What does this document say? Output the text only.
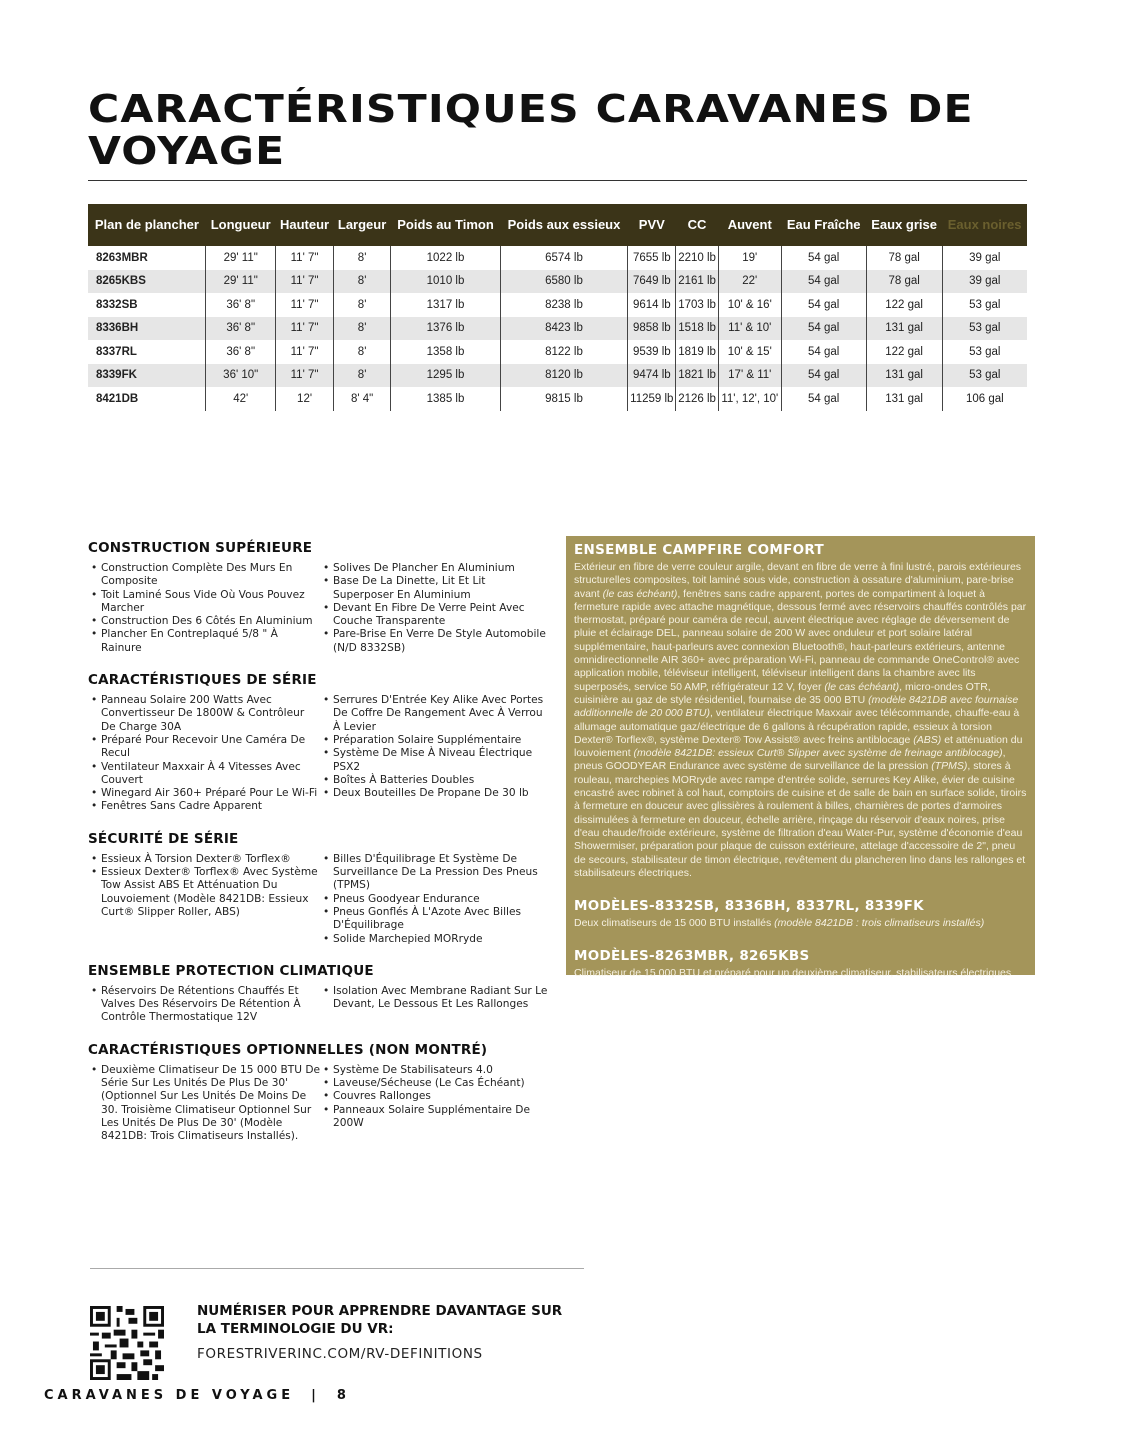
CARACTÉRISTIQUES CARAVANES DE VOYAGE
Plan de plancher	Longueur	Hauteur	Largeur	Poids au Timon	Poids aux essieux	PVV	CC	Auvent	Eau Fraîche	Eaux grise	Eaux noires
8263MBR	29' 11"	11' 7"	8'	1022 lb	6574 lb	7655 lb	2210 lb	19'	54 gal	78 gal	39 gal
8265KBS	29' 11"	11' 7"	8'	1010 lb	6580 lb	7649 lb	2161 lb	22'	54 gal	78 gal	39 gal
8332SB	36' 8"	11' 7"	8'	1317 lb	8238 lb	9614 lb	1703 lb	10' & 16'	54 gal	122 gal	53 gal
8336BH	36' 8"	11' 7"	8'	1376 lb	8423 lb	9858 lb	1518 lb	11' & 10'	54 gal	131 gal	53 gal
8337RL	36' 8"	11' 7"	8'	1358 lb	8122 lb	9539 lb	1819 lb	10' & 15'	54 gal	122 gal	53 gal
8339FK	36' 10"	11' 7"	8'	1295 lb	8120 lb	9474 lb	1821 lb	17' & 11'	54 gal	131 gal	53 gal
8421DB	42'	12'	8' 4"	1385 lb	9815 lb	11259 lb	2126 lb	11', 12', 10'	54 gal	131 gal	106 gal
CONSTRUCTION SUPÉRIEURE
• Construction Complète Des Murs En Composite
• Toit Laminé Sous Vide Où Vous Pouvez Marcher
• Construction Des 6 Côtés En Aluminium
• Plancher En Contreplaqué 5/8 " À Rainure
• Solives De Plancher En Aluminium
• Base De La Dinette, Lit Et Lit Superposer En Aluminium
• Devant En Fibre De Verre Peint Avec Couche Transparente
• Pare-Brise En Verre De Style Automobile (N/D 8332SB)
CARACTÉRISTIQUES DE SÉRIE
• Panneau Solaire 200 Watts Avec Convertisseur De 1800W & Contrôleur De Charge 30A
• Préparé Pour Recevoir Une Caméra De Recul
• Ventilateur Maxxair À 4 Vitesses Avec Couvert
• Winegard Air 360+ Préparé Pour Le Wi-Fi
• Fenêtres Sans Cadre Apparent
• Serrures D'Entrée Key Alike Avec Portes De Coffre De Rangement Avec À Verrou À Levier
• Préparation Solaire Supplémentaire
• Système De Mise À Niveau Électrique PSX2
• Boîtes À Batteries Doubles
• Deux Bouteilles De Propane De 30 lb
SÉCURITÉ DE SÉRIE
• Essieux À Torsion Dexter® Torflex®
• Essieux Dexter® Torflex® Avec Système Tow Assist ABS Et Atténuation Du Louvoiement (Modèle 8421DB: Essieux Curt® Slipper Roller, ABS)
• Billes D'Équilibrage Et Système De Surveillance De La Pression Des Pneus (TPMS)
• Pneus Goodyear Endurance
• Pneus Gonflés À L'Azote Avec Billes D'Équilibrage
• Solide Marchepied MORryde
ENSEMBLE PROTECTION CLIMATIQUE
• Réservoirs De Rétentions Chauffés Et Valves Des Réservoirs De Rétention À Contrôle Thermostatique 12V
• Isolation Avec Membrane Radiant Sur Le Devant, Le Dessous Et Les Rallonges
CARACTÉRISTIQUES OPTIONNELLES (NON MONTRÉ)
• Deuxième Climatiseur De 15 000 BTU De Série Sur Les Unités De Plus De 30' (Optionnel Sur Les Unités De Moins De 30. Troisième Climatiseur Optionnel Sur Les Unités De Plus De 30' (Modèle 8421DB: Trois Climatiseurs Installés).
• Système De Stabilisateurs 4.0
• Laveuse/Sécheuse (Le Cas Échéant)
• Couvres Rallonges
• Panneaux Solaire Supplémentaire De 200W
ENSEMBLE CAMPFIRE COMFORT

Extérieur en fibre de verre couleur argile, devant en fibre de verre à fini lustré, parois extérieures structurelles composites, toit laminé sous vide, construction à ossature d'aluminium, pare-brise avant (le cas échéant), fenêtres sans cadre apparent, portes de compartiment à loquet à fermeture rapide avec attache magnétique, dessous fermé avec réservoirs chauffés contrôlés par thermostat, préparé pour caméra de recul, auvent électrique avec réglage de déversement de pluie et éclairage DEL, panneau solaire de 200 W avec onduleur et port solaire latéral supplémentaire, haut-parleurs avec connexion Bluetooth®, haut-parleurs extérieurs, antenne omnidirectionnelle AIR 360+ avec préparation Wi-Fi, panneau de commande OneControl® avec application mobile, téléviseur intelligent, téléviseur intelligent dans la chambre avec lits superposés, service 50 AMP, réfrigérateur 12 V, foyer (le cas échéant), micro-ondes OTR, cuisinière au gaz de style résidentiel, fournaise de 35 000 BTU (modèle 8421DB avec fournaise additionnelle de 20 000 BTU), ventilateur électrique Maxxair avec télécommande, chauffe-eau à allumage automatique gaz/électrique de 6 gallons à récupération rapide, essieux à torsion Dexter® Torflex®, système Dexter® Tow Assist® avec freins antiblocage (ABS) et atténuation du louvoiement (modèle 8421DB: essieux Curt® Slipper avec système de freinage antiblocage), pneus GOODYEAR Endurance avec système de surveillance de la pression (TPMS), stores à rouleau, marchepies MORryde avec rampe d'entrée solide, serrures Key Alike, évier de cuisine encastré avec robinet à col haut, comptoirs de cuisine et de salle de bain en surface solide, tiroirs à fermeture en douceur avec glissières à roulement à billes, charnières de portes d'armoires dissimulées à fermeture en douceur, échelle arrière, rinçage du réservoir d'eaux noires, prise d'eau chaude/froide extérieure, système de filtration d'eau Water-Pur, système d'économie d'eau Showermiser, préparation pour plaque de cuisson extérieure, attelage d'accessoire de 2", pneu de secours, stabilisateur de timon électrique, revêtement du plancheren lino dans les rallonges et stabilisateurs électriques.

MODÈLES-8332SB, 8336BH, 8337RL, 8339FK

Deux climatiseurs de 15 000 BTU installés (modèle 8421DB : trois climatiseurs installés)

MODÈLES-8263MBR, 8265KBS

Climatiseur de 15 000 BTU et préparé pour un deuxième climatiseur, stabilisateurs électriques

NUMÉRISER POUR APPRENDRE DAVANTAGE SUR LA TERMINOLOGIE DU VR:
FORESTRIVERINC.COM/RV-DEFINITIONS
CARAVANES DE VOYAGE  |  8
